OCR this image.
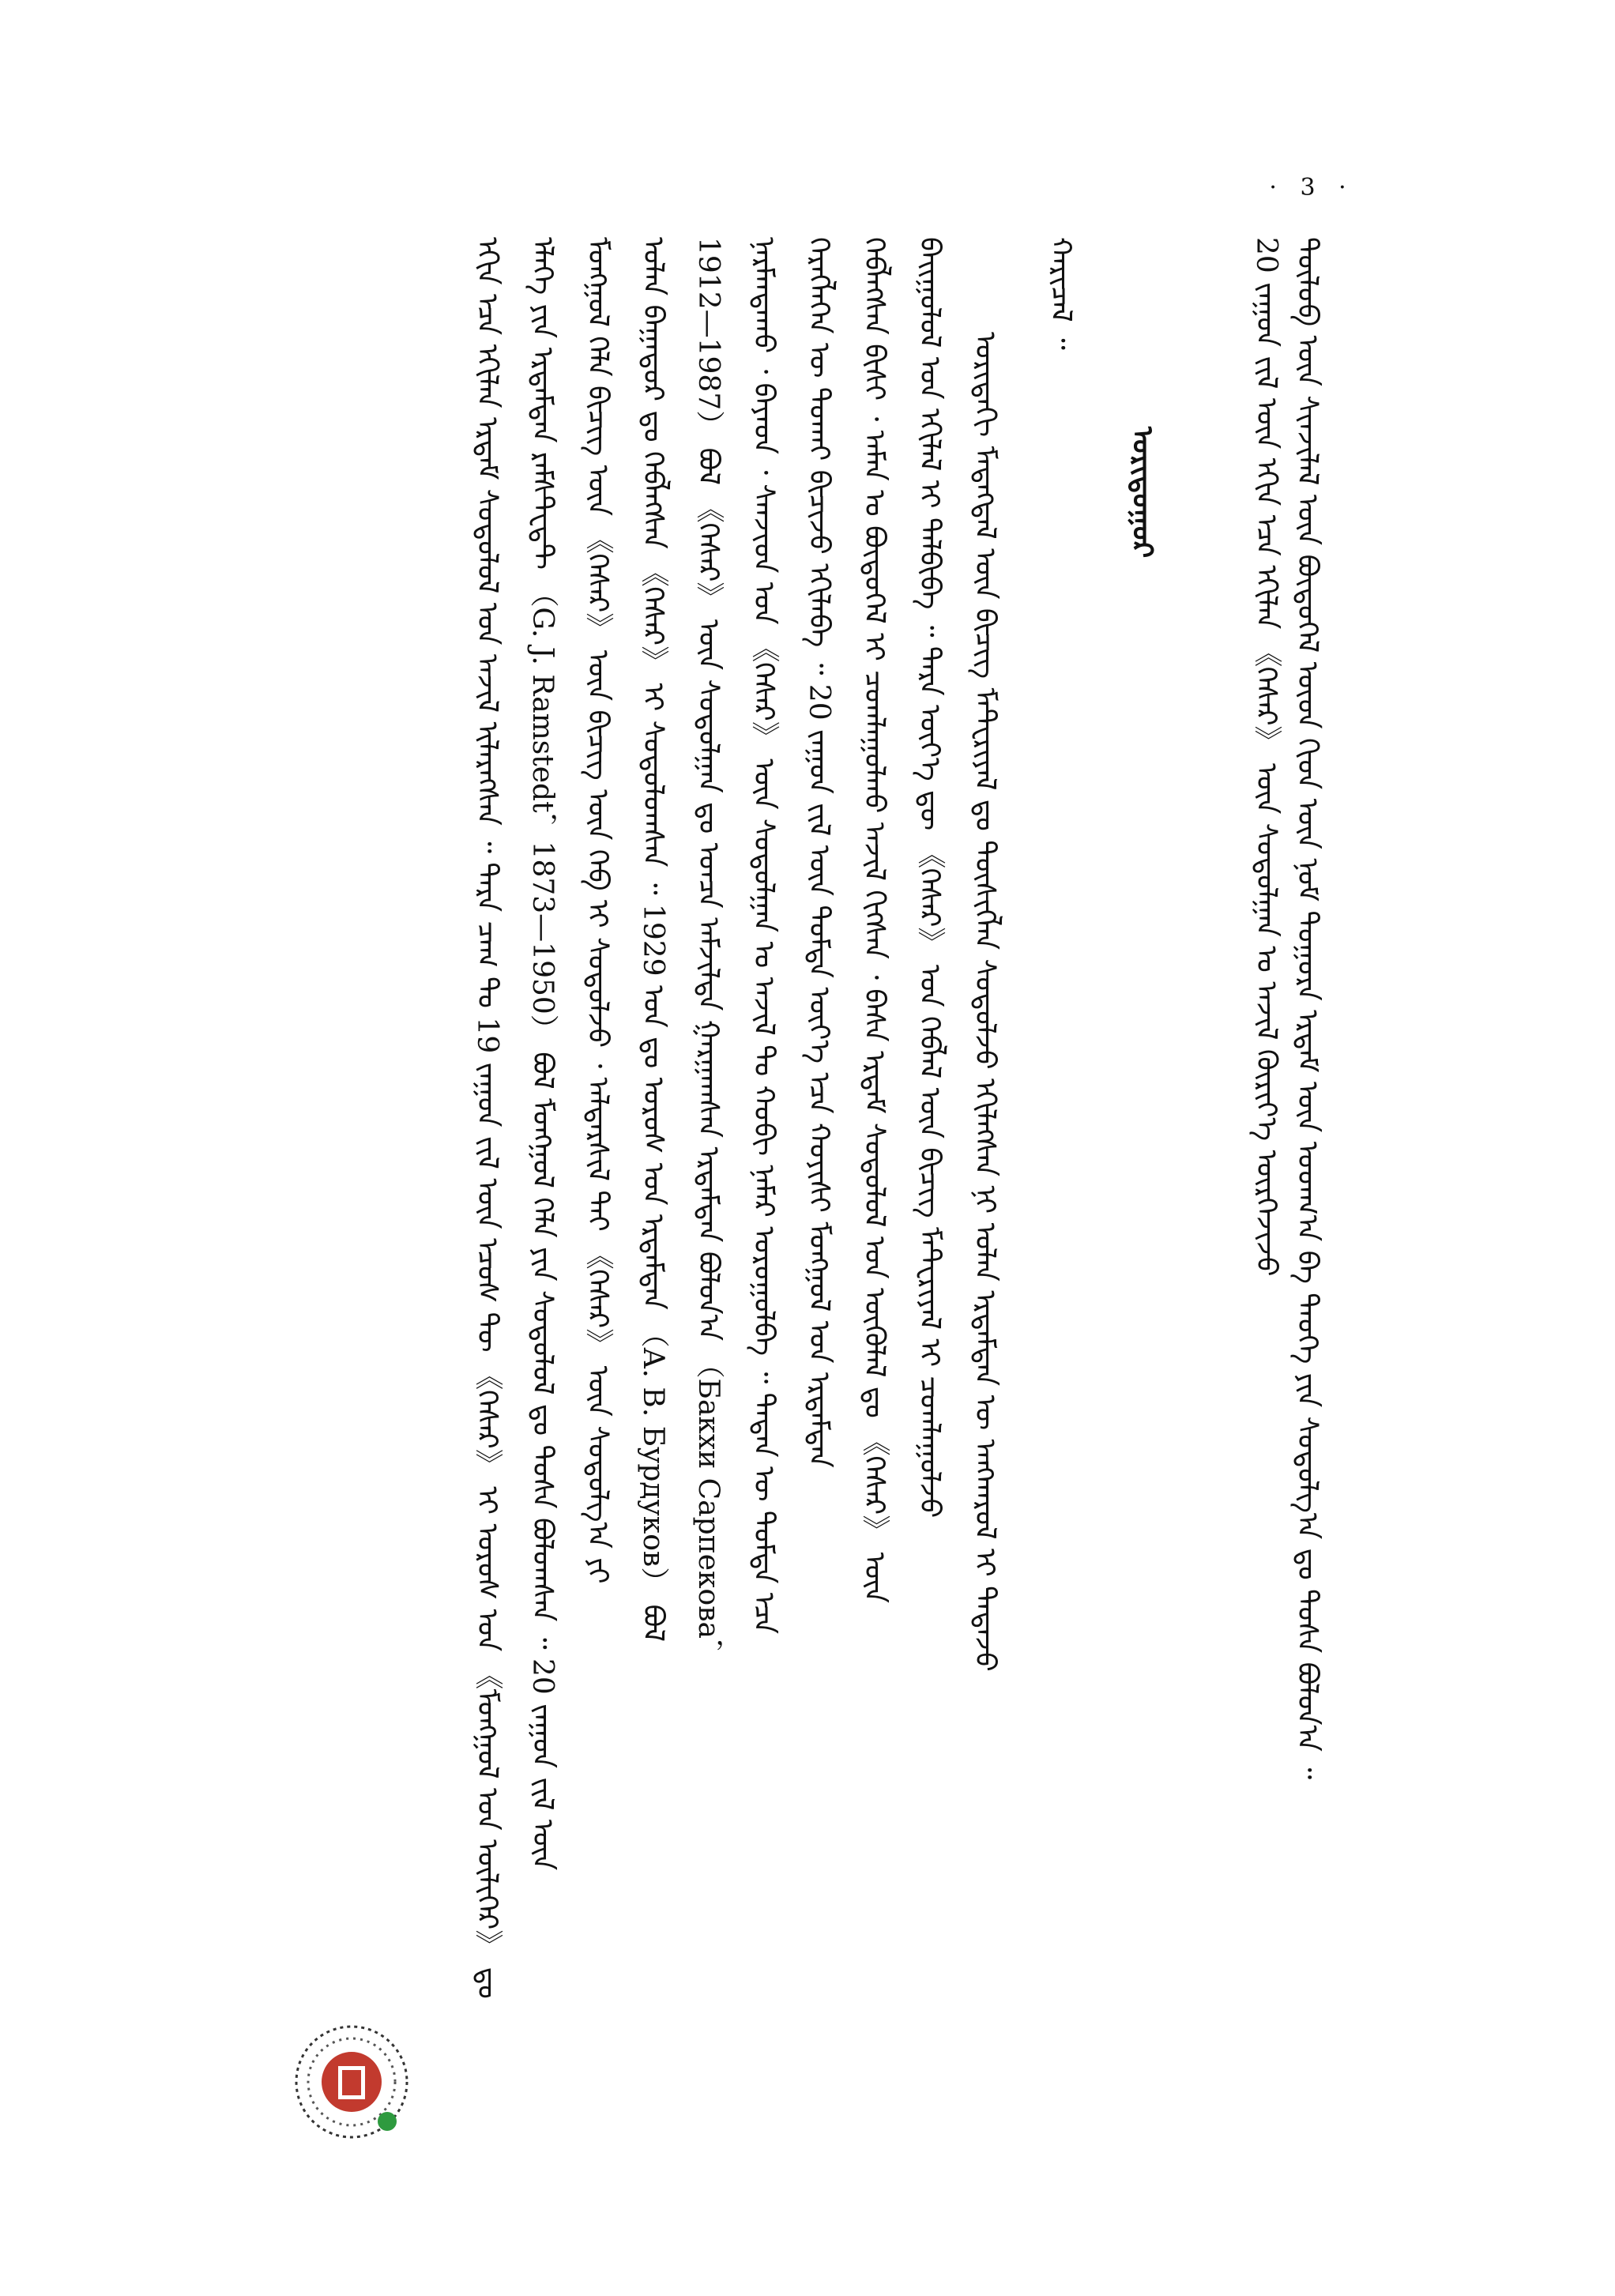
· 3 ·
ᠲᠥᠯᠦᠪ ᠦᠨ ᠰᠢᠨᠵᠢᠯᠡᠯ ᠦᠨ ᠪᠦᠲᠦᠭᠡᠯ ᠦᠳ ᠬᠢᠳ ᠦᠨ ᠨᠣᠮ ᠳᠤᠭᠤᠷᠠ ᠡᠷᠳᠡᠮ ᠦᠨ ᠤᠳᠬ᠎ᠠ ᠪᠠ ᠲᠡᠦᠬᠡ ᠶᠢᠨ ᠰᠤᠳᠤᠯᠭ᠎ᠠ ᠳᠤ ᠲᠤᠰᠠ ᠪᠣᠯᠤᠨ᠎ᠠ ᠃
20 ᠵᠠᠭᠤᠨ ᠵᠢᠯ ᠦᠨ ᠡᠬᠢᠨ ᠡᠴᠡ ᠡᠬᠢᠯᠡᠨ 《ᠭᠡᠰᠡᠷ》 ᠦᠨ ᠰᠤᠳᠤᠯᠭᠠᠨ ᠤ ᠠᠵᠢᠯ ᠬᠦᠷᠢᠶ᠎ᠡ ᠥᠷᠭᠡᠵᠢᠵᠦ
ᠤᠷᠢᠳᠤᠭᠤᠷ
ᠬᠠᠷᠢᠴᠠᠯ ᠃
ᠤᠷᠢᠳᠠᠬᠢ ᠮᠡᠳᠡᠭᠳᠡᠯ ᠦᠨ ᠪᠢᠴᠢᠭ ᠮᠠᠲ᠋ᠸᠷᠢᠶᠠᠯ ᠳᠤ ᠲᠦᠰᠢᠭᠯᠡᠨ ᠰᠤᠳᠤᠯᠵᠤ ᠡᠬᠢᠯᠡᠭᠰᠡᠨ ᠨᠢ ᠣᠯᠠᠨ ᠡᠷᠳᠡᠮᠲᠡᠨ ᠦ ᠠᠩᠬᠠᠷᠤᠯ ᠢ ᠲᠠᠲᠠᠵᠤ
ᠪᠠᠢᠭᠤᠯᠤᠯ ᠤᠨ ᠡᠬᠢᠯᠡᠯ ᠢ ᠲᠠᠯᠪᠢᠪᠠ ᠃ ᠲᠡᠷᠡ ᠦᠶ᠎ᠡ ᠳᠦ 《ᠭᠡᠰᠡᠷ》 ᠤᠨ ᠬᠡᠪᠯᠡᠯ ᠦᠨ ᠪᠢᠴᠢᠭ ᠮᠠᠲ᠋ᠸᠷᠢᠶᠠᠯ ᠢ ᠴᠤᠭᠯᠠᠭᠤᠯᠵᠤ
ᠬᠡᠪᠯᠡᠭᠰᠡᠨ ᠪᠢᠰᠢ ᠂ ᠠᠮᠠᠨ ᠤ ᠪᠦᠲᠦᠭᠡᠯ ᠢ ᠴᠤᠭᠯᠠᠭᠤᠯᠬᠤ ᠠᠵᠢᠯ ᠬᠢᠭᠰᠡᠨ ᠂ ᠪᠠᠰᠠ ᠡᠷᠳᠡᠮ ᠰᠤᠳᠤᠯᠤᠯ ᠤᠨ ᠥᠭᠦᠯᠡᠯ ᠳᠤ 《ᠭᠡᠰᠡᠷ》 ᠦᠨ
ᠬᠡᠷᠡᠭᠯᠡᠭᠡᠨ ᠦ ᠲᠤᠬᠠᠢ ᠪᠢᠴᠢᠵᠦ ᠡᠬᠢᠯᠡᠪᠡ ᠃ 20 ᠵᠠᠭᠤᠨ ᠵᠢᠯ ᠦᠨ ᠳᠤᠮᠳᠠ ᠦᠶ᠎ᠡ ᠡᠴᠡ ᠬᠣᠶᠢᠰᠢ ᠮᠣᠩᠭᠣᠯ ᠤᠨ ᠡᠷᠳᠡᠮᠲᠡᠨ
ᠨᠠᠷᠮᠠᠨᠳᠠᠬᠤ ᠂ ᠪᠡᠶᠡᠳ ᠂ ᠰᠠᠨᠵᠢᠳ ᠤᠨ 《ᠭᠡᠰᠡᠷ》 ᠦᠨ ᠰᠤᠳᠤᠯᠭᠠᠨ ᠤ ᠠᠵᠢᠯ ᠲᠤ ᠬᠤᠪᠢ ᠨᠡᠮᠡᠷ ᠣᠷᠣᠭᠤᠯᠪᠠ ᠃ ᠲᠡᠳᠡᠨ ᠦ ᠳᠤᠮᠳᠠ ᠡᠴᠡ
1912—1987） ᠪᠣᠯ 《ᠭᠡᠰᠡᠷ》 ᠦᠨ ᠰᠤᠳᠤᠯᠭᠠᠨ ᠳᠤ ᠣᠨᠴᠠ ᠠᠮᠵᠢᠯᠲᠠ ᠭᠠᠷᠭᠠᠭᠰᠠᠨ ᠡᠷᠳᠡᠮᠲᠡᠨ ᠪᠣᠯᠤᠨ᠎ᠠ （Бакхи Сарпекова，
ᠤᠯᠠᠨ ᠪᠠᠭᠠᠲᠤᠷ ᠳᠤ ᠬᠡᠪᠯᠡᠭᠰᠡᠨ 《ᠭᠡᠰᠡᠷ》 ᠢ ᠰᠤᠳᠤᠯᠤᠭᠰᠠᠨ ᠃ 1929 ᠣᠨ ᠳᠤ ᠣᠷᠤᠰ ᠤᠨ ᠡᠷᠳᠡᠮᠲᠡᠨ （А. В. Бурдуков） ᠪᠣᠯ
ᠮᠣᠩᠭᠣᠯ ᠬᠡᠯᠡ ᠪᠢᠴᠢᠭ ᠦᠨ 《ᠭᠡᠰᠡᠷ》 ᠦᠨ ᠪᠢᠴᠢᠭ ᠦᠨ ᠬᠡᠪ ᠢ ᠰᠤᠳᠤᠯᠵᠤ ᠂ ᠠᠯᠳᠠᠷᠰᠢᠯ ᠲᠠᠢ 《ᠭᠡᠰᠡᠷ》 ᠦᠨ ᠰᠤᠳᠤᠯᠭ᠎ᠠ ᠶᠢ
ᠡᠯᠡᠭᠡ ᠶᠢᠨ ᠡᠷᠳᠡᠮᠲᠡᠨ ᠷᠠᠮᠰᠲᠧᠳ᠋ᠲ （G. J. Ramstedt，1873—1950） ᠪᠣᠯ ᠮᠣᠩᠭᠣᠯ ᠬᠡᠯᠡ ᠶᠢᠨ ᠰᠤᠳᠤᠯᠤᠯ ᠳᠤ ᠲᠤᠰᠠ ᠪᠣᠯᠤᠭᠰᠠᠨ ᠃ 20 ᠵᠠᠭᠤᠨ ᠵᠢᠯ ᠦᠨ
ᠡᠬᠢᠨ ᠡᠴᠡ ᠡᠬᠢᠯᠡᠨ ᠡᠷᠳᠡᠮ ᠰᠤᠳᠤᠯᠤᠯ ᠤᠨ ᠠᠵᠢᠯ ᠢᠯᠡᠷᠡᠭᠰᠡᠨ ᠃ ᠲᠡᠷᠡ ᠴᠠᠭ ᠲᠤ 19 ᠵᠠᠭᠤᠨ ᠵᠢᠯ ᠦᠨ ᠡᠴᠦᠰ ᠲᠦ 《ᠭᠡᠰᠡᠷ》 ᠢ ᠣᠷᠤᠰ ᠤᠨ 《ᠮᠣᠩᠭᠣᠯ ᠤᠨ ᠦᠯᠢᠭᠡᠷ》 ᠳᠤ
